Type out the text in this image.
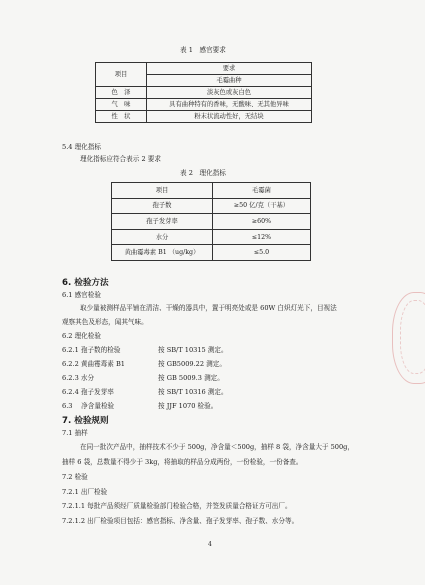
表 1　感官要求
项目	要求
	毛霉曲种
色　泽	淡灰色或灰白色
气　味	具有曲种特有的香味，无酸味、无其他异味
性　状	粉末状流动性好，无结块
5.4 理化指标
理化指标应符合表示 2 要求
表 2　理化指标
项目	毛霉菌
孢子数	≥50 亿/克（干基）
孢子发芽率	≥60%
水分	≤12%
黄曲霉毒素 B1 （ug/kg）	≤5.0
6. 检验方法
6.1 感官检验
取少量被测样品平铺在清洁、干燥的器具中，置于明亮处或是 60W 白炽灯光下，目视法
观察其色及形态，闻其气味。
6.2 理化检验
6.2.1 孢子数的检验	按 SB/T 10315 测定。
6.2.2 黄曲霉毒素 B1	按 GB5009.22 测定。
6.2.3 水分	按 GB 5009.3 测定。
6.2.4 孢子发芽率	按 SB/T 10316 测定。
6.3　 净含量检验	按 JJF 1070 检验。
7. 检验规则
7.1 抽样
在同一批次产品中，抽样技术不少于 500g，净含量＜500g，抽样 8 袋，净含量大于 500g，
抽样 6 袋，总数量不得少于 3kg，将抽取的样品分成两份，一份检验，一份备查。
7.2 检验
7.2.1 出厂检验
7.2.1.1 每批产品须经厂质量检验部门检验合格，并签发质量合格证方可出厂。
7.2.1.2 出厂检验项目包括：感官指标、净含量、孢子发芽率、孢子数、水分等。
4
